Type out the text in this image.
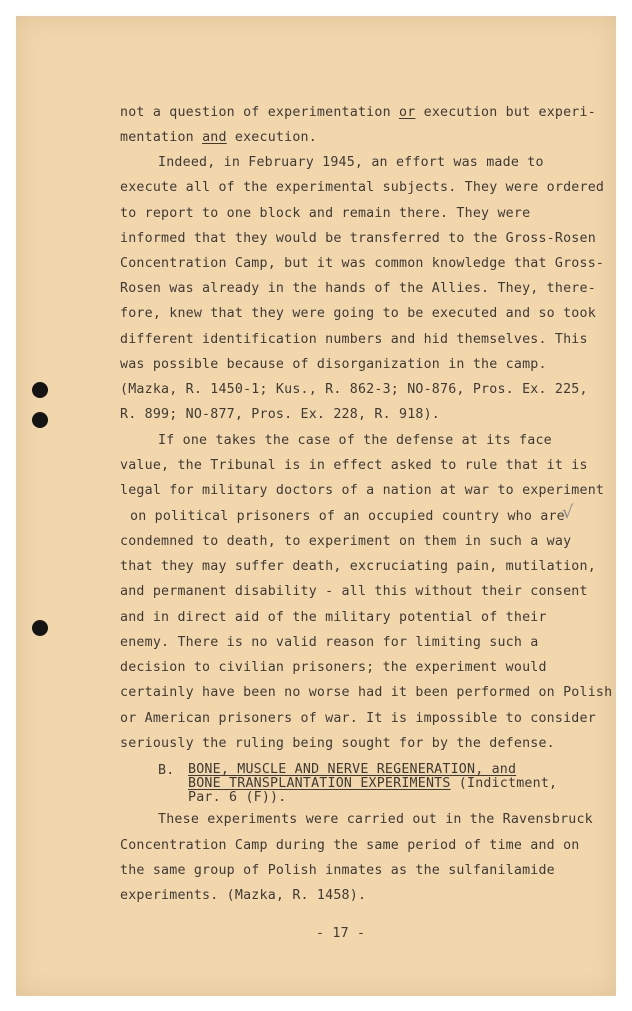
not a question of experimentation or execution but experi-

mentation and execution.

Indeed, in February 1945, an effort was made to

execute all of the experimental subjects. They were ordered

to report to one block and remain there. They were

informed that they would be transferred to the Gross-Rosen

Concentration Camp, but it was common knowledge that Gross-

Rosen was already in the hands of the Allies. They, there-

fore, knew that they were going to be executed and so took

different identification numbers and hid themselves. This

was possible because of disorganization in the camp.

(Mazka, R. 1450-1; Kus., R. 862-3; NO-876, Pros. Ex. 225,

R. 899; NO-877, Pros. Ex. 228, R. 918).

If one takes the case of the defense at its face

value, the Tribunal is in effect asked to rule that it is

legal for military doctors of a nation at war to experiment

on political prisoners of an occupied country who are

condemned to death, to experiment on them in such a way

that they may suffer death, excruciating pain, mutilation,

and permanent disability - all this without their consent

and in direct aid of the military potential of their

enemy. There is no valid reason for limiting such a

decision to civilian prisoners; the experiment would

certainly have been no worse had it been performed on Polish

or American prisoners of war. It is impossible to consider

seriously the ruling being sought for by the defense.

√

B. BONE, MUSCLE AND NERVE REGENERATION, and
BONE TRANSPLANTATION EXPERIMENTS (Indictment,
Par. 6 (F)).

These experiments were carried out in the Ravensbruck

Concentration Camp during the same period of time and on

the same group of Polish inmates as the sulfanilamide

experiments. (Mazka, R. 1458).

- 17 -
